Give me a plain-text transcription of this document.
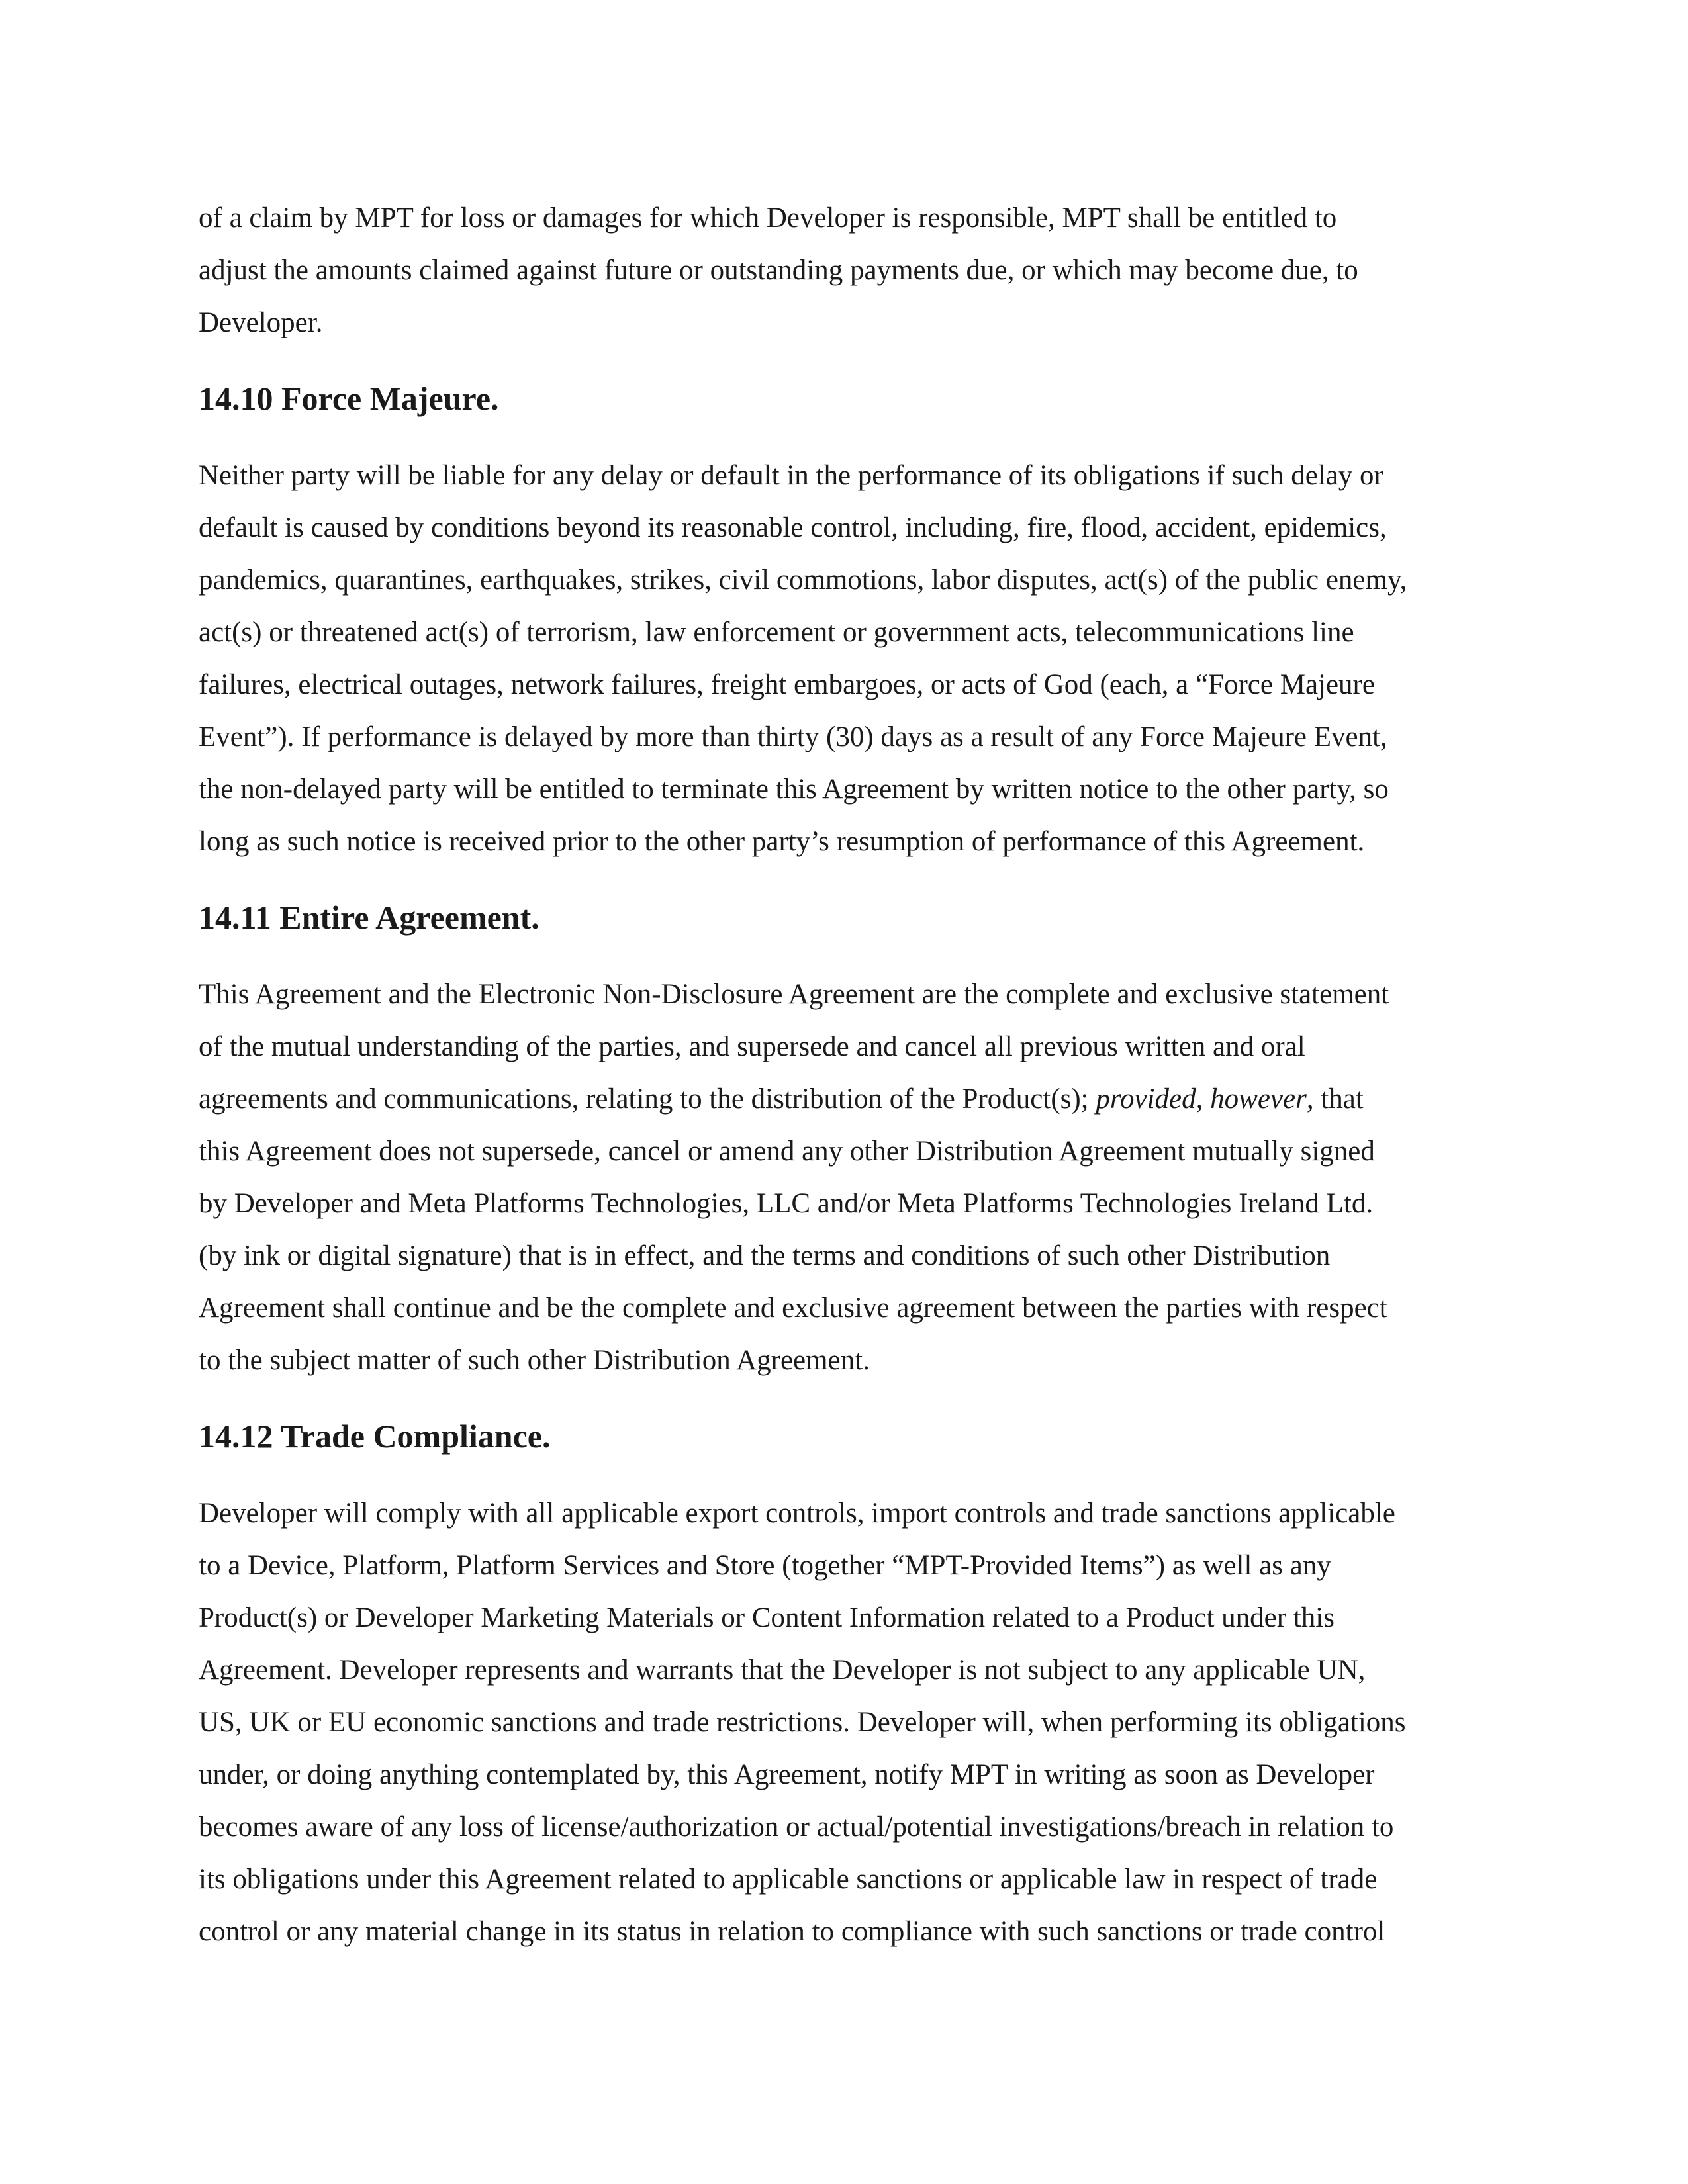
of a claim by MPT for loss or damages for which Developer is responsible, MPT shall be entitled to
adjust the amounts claimed against future or outstanding payments due, or which may become due, to
Developer.

14.10 Force Majeure.

Neither party will be liable for any delay or default in the performance of its obligations if such delay or
default is caused by conditions beyond its reasonable control, including, fire, flood, accident, epidemics,
pandemics, quarantines, earthquakes, strikes, civil commotions, labor disputes, act(s) of the public enemy,
act(s) or threatened act(s) of terrorism, law enforcement or government acts, telecommunications line
failures, electrical outages, network failures, freight embargoes, or acts of God (each, a “Force Majeure
Event”). If performance is delayed by more than thirty (30) days as a result of any Force Majeure Event,
the non-delayed party will be entitled to terminate this Agreement by written notice to the other party, so
long as such notice is received prior to the other party’s resumption of performance of this Agreement.

14.11 Entire Agreement.

This Agreement and the Electronic Non-Disclosure Agreement are the complete and exclusive statement
of the mutual understanding of the parties, and supersede and cancel all previous written and oral
agreements and communications, relating to the distribution of the Product(s); provided, however, that
this Agreement does not supersede, cancel or amend any other Distribution Agreement mutually signed
by Developer and Meta Platforms Technologies, LLC and/or Meta Platforms Technologies Ireland Ltd.
(by ink or digital signature) that is in effect, and the terms and conditions of such other Distribution
Agreement shall continue and be the complete and exclusive agreement between the parties with respect
to the subject matter of such other Distribution Agreement.

14.12 Trade Compliance.

Developer will comply with all applicable export controls, import controls and trade sanctions applicable
to a Device, Platform, Platform Services and Store (together “MPT-Provided Items”) as well as any
Product(s) or Developer Marketing Materials or Content Information related to a Product under this
Agreement. Developer represents and warrants that the Developer is not subject to any applicable UN,
US, UK or EU economic sanctions and trade restrictions. Developer will, when performing its obligations
under, or doing anything contemplated by, this Agreement, notify MPT in writing as soon as Developer
becomes aware of any loss of license/authorization or actual/potential investigations/breach in relation to
its obligations under this Agreement related to applicable sanctions or applicable law in respect of trade
control or any material change in its status in relation to compliance with such sanctions or trade control
